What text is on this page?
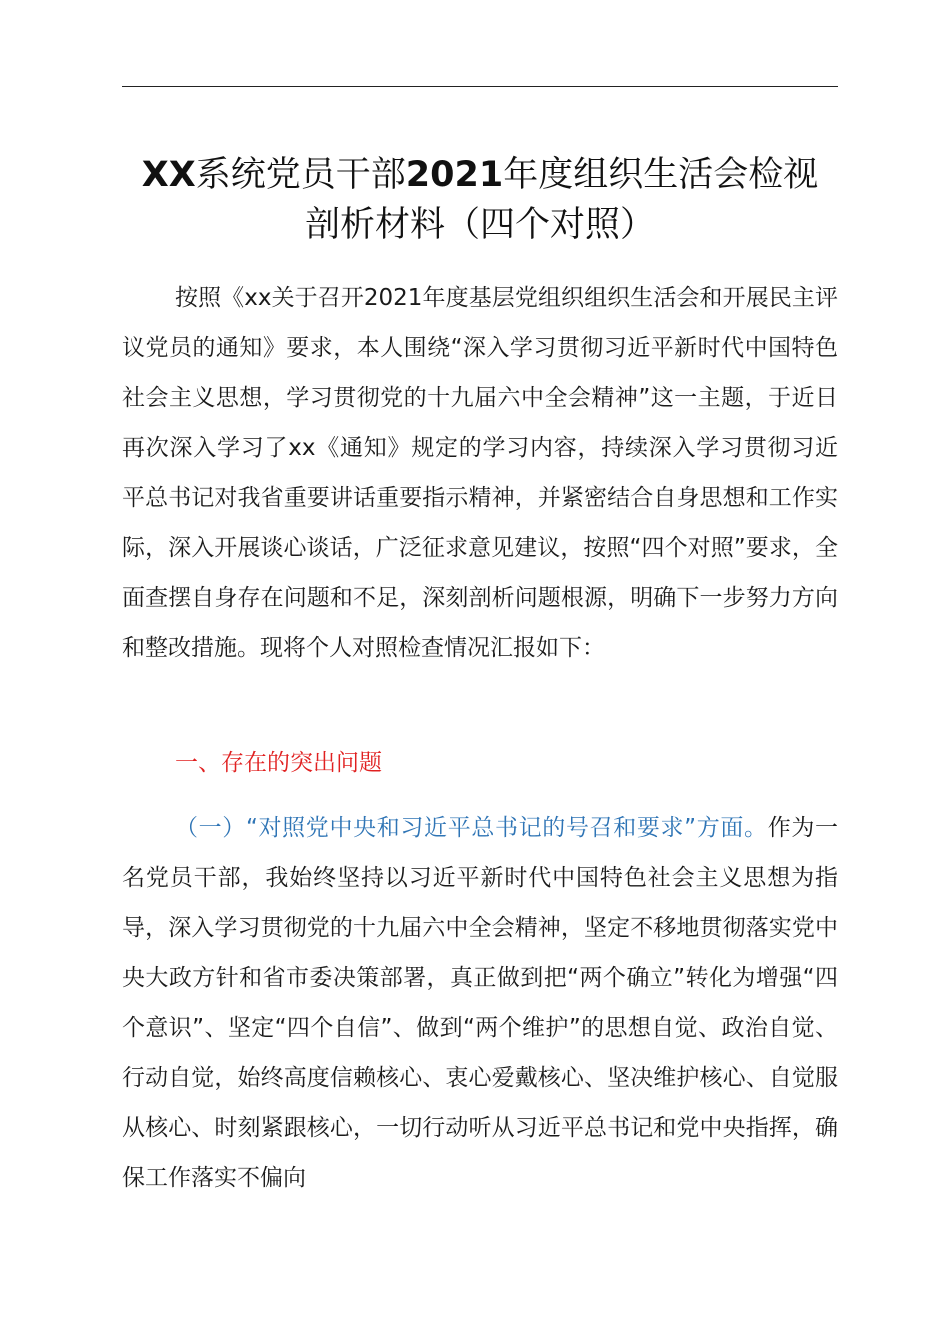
XX系统党员干部2021年度组织生活会检视
剖析材料（四个对照）
按照《xx关于召开2021年度基层党组织组织生活会和开展民主评议党员的通知》要求，本人围绕“深入学习贯彻习近平新时代中国特色社会主义思想，学习贯彻党的十九届六中全会精神”这一主题，于近日再次深入学习了xx《通知》规定的学习内容，持续深入学习贯彻习近平总书记对我省重要讲话重要指示精神，并紧密结合自身思想和工作实际，深入开展谈心谈话，广泛征求意见建议，按照“四个对照”要求，全面查摆自身存在问题和不足，深刻剖析问题根源，明确下一步努力方向和整改措施。现将个人对照检查情况汇报如下：
一、存在的突出问题
（一）“对照党中央和习近平总书记的号召和要求”方面。作为一名党员干部，我始终坚持以习近平新时代中国特色社会主义思想为指导，深入学习贯彻党的十九届六中全会精神，坚定不移地贯彻落实党中央大政方针和省市委决策部署，真正做到把“两个确立”转化为增强“四个意识”、坚定“四个自信”、做到“两个维护”的思想自觉、政治自觉、行动自觉，始终高度信赖核心、衷心爱戴核心、坚决维护核心、自觉服从核心、时刻紧跟核心，一切行动听从习近平总书记和党中央指挥，确保工作落实不偏向
